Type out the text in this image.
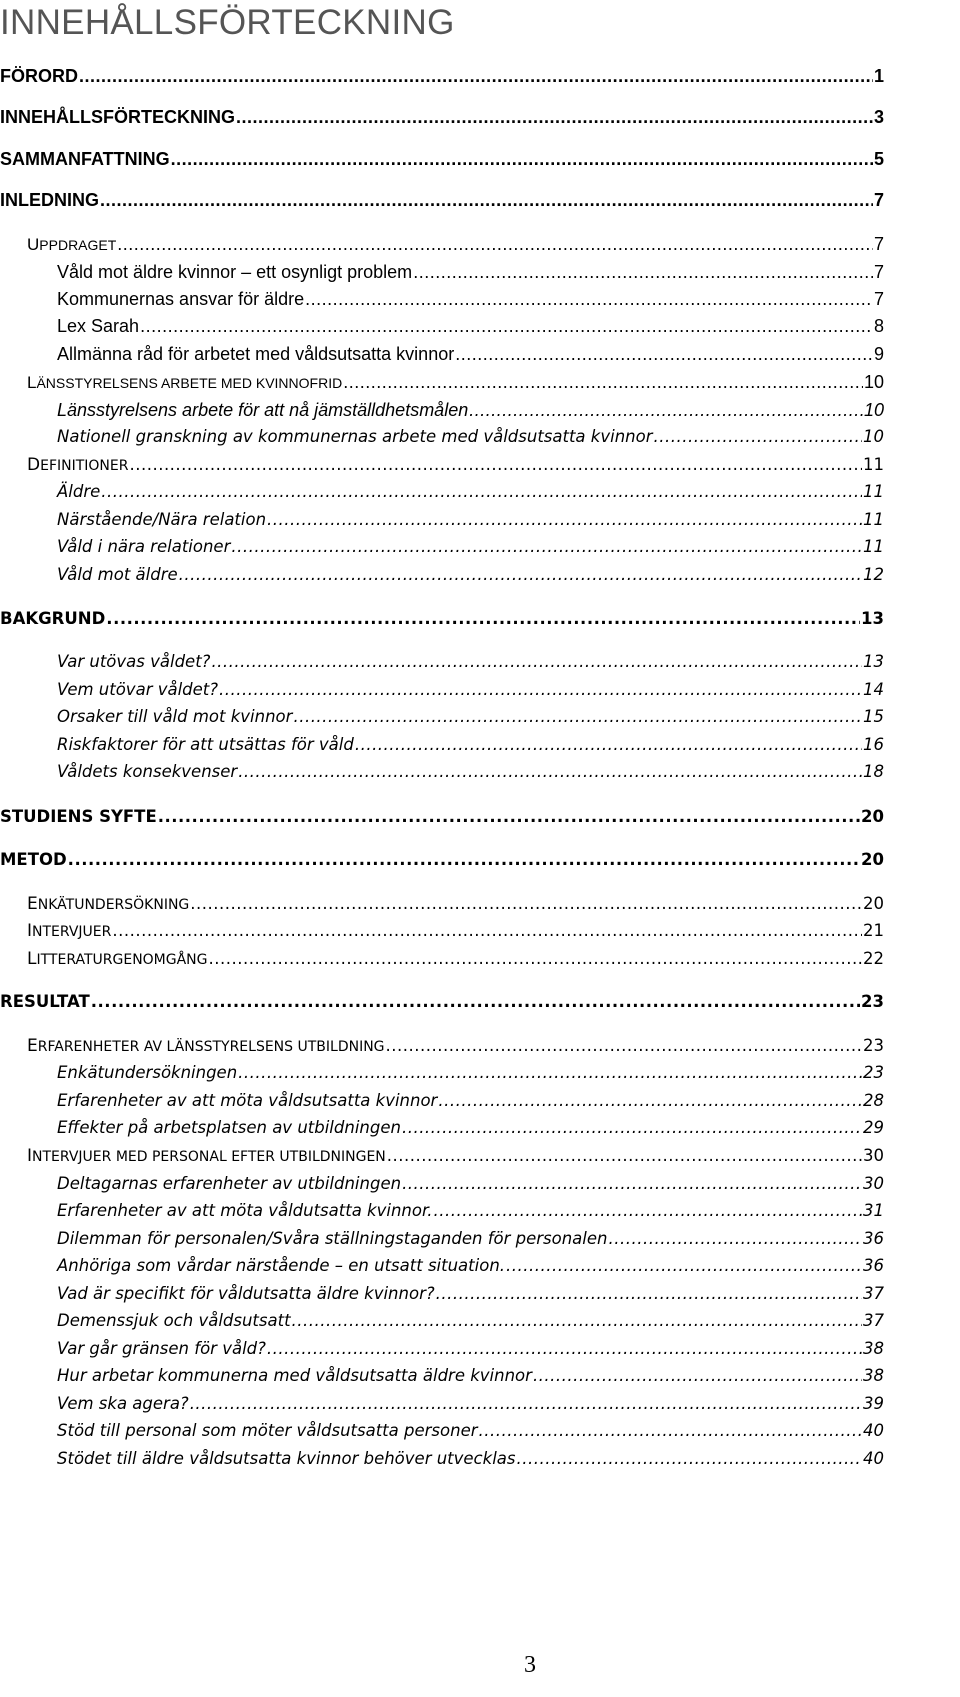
INNEHÅLLSFÖRTECKNING
FÖRORD .....	1
INNEHÅLLSFÖRTECKNING .....	3
SAMMANFATTNING .....	5
INLEDNING .....	7
UPPDRAGET .....	7
Våld mot äldre kvinnor – ett osynligt problem .....	7
Kommunernas ansvar för äldre .....	7
Lex Sarah .....	8
Allmänna råd för arbetet med våldsutsatta kvinnor .....	9
LÄNSSTYRELSENS ARBETE MED KVINNOFRID .....	10
Länsstyrelsens arbete för att nå jämställdhetsmålen .....	10
Nationell granskning av kommunernas arbete med våldsutsatta kvinnor .....	10
DEFINITIONER .....	11
Äldre .....	11
Närstående/Nära relation .....	11
Våld i nära relationer .....	11
Våld mot äldre .....	12
BAKGRUND .....	13
Var utövas våldet? .....	13
Vem utövar våldet? .....	14
Orsaker till våld mot kvinnor .....	15
Riskfaktorer för att utsättas för våld .....	16
Våldets konsekvenser .....	18
STUDIENS SYFTE .....	20
METOD .....	20
ENKÄTUNDERSÖKNING .....	20
INTERVJUER .....	21
LITTERATURGENOMGÅNG .....	22
RESULTAT .....	23
ERFARENHETER AV LÄNSSTYRELSENS UTBILDNING .....	23
Enkätundersökningen .....	23
Erfarenheter av att möta våldsutsatta kvinnor .....	28
Effekter på arbetsplatsen av utbildningen .....	29
INTERVJUER MED PERSONAL EFTER UTBILDNINGEN .....	30
Deltagarnas erfarenheter av utbildningen .....	30
Erfarenheter av att möta våldutsatta kvinnor. .....	31
Dilemman för personalen/Svåra ställningstaganden för personalen .....	36
Anhöriga som vårdar närstående – en utsatt situation. .....	36
Vad är specifikt för våldutsatta äldre kvinnor? .....	37
Demenssjuk och våldsutsatt .....	37
Var går gränsen för våld? .....	38
Hur arbetar kommunerna med våldsutsatta äldre kvinnor .....	38
Vem ska agera? .....	39
Stöd till personal som möter våldsutsatta personer .....	40
Stödet till äldre våldsutsatta kvinnor behöver utvecklas .....	40
3
